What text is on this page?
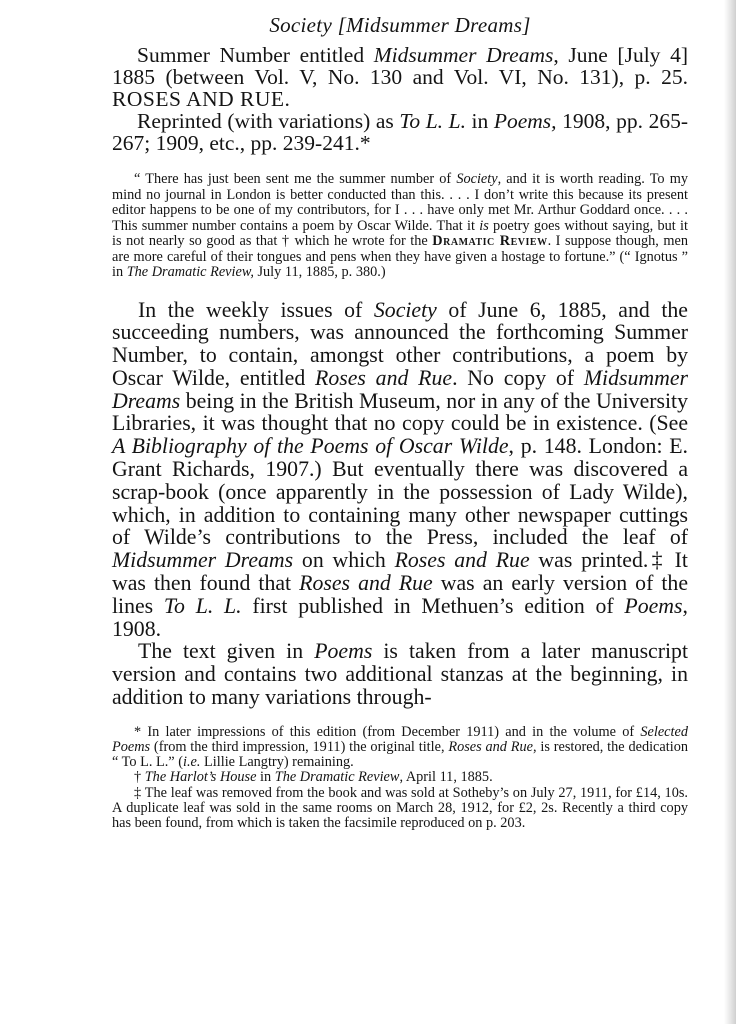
Society [Midsummer Dreams]

Summer Number entitled Midsummer Dreams, June [July 4] 1885 (between Vol. V, No. 130 and Vol. VI, No. 131), p. 25. ROSES AND RUE.

Reprinted (with variations) as To L. L. in Poems, 1908, pp. 265-267; 1909, etc., pp. 239-241.*

“ There has just been sent me the summer number of Society, and it is worth reading. To my mind no journal in London is better conducted than this. . . . I don’t write this because its present editor happens to be one of my contributors, for I . . . have only met Mr. Arthur Goddard once. . . . This summer number contains a poem by Oscar Wilde. That it is poetry goes without saying, but it is not nearly so good as that † which he wrote for the Dramatic Review. I suppose though, men are more careful of their tongues and pens when they have given a hostage to fortune.” (“ Ignotus ” in The Dramatic Review, July 11, 1885, p. 380.)

In the weekly issues of Society of June 6, 1885, and the succeeding numbers, was announced the forthcoming Summer Number, to contain, amongst other contributions, a poem by Oscar Wilde, entitled Roses and Rue. No copy of Midsummer Dreams being in the British Museum, nor in any of the University Libraries, it was thought that no copy could be in existence. (See A Bibliography of the Poems of Oscar Wilde, p. 148. London: E. Grant Richards, 1907.) But eventually there was discovered a scrap-book (once apparently in the possession of Lady Wilde), which, in addition to containing many other newspaper cuttings of Wilde’s contributions to the Press, included the leaf of Midsummer Dreams on which Roses and Rue was printed.‡ It was then found that Roses and Rue was an early version of the lines To L. L. first published in Methuen’s edition of Poems, 1908.

The text given in Poems is taken from a later manuscript version and contains two additional stanzas at the beginning, in addition to many variations through-

* In later impressions of this edition (from December 1911) and in the volume of Selected Poems (from the third impression, 1911) the original title, Roses and Rue, is restored, the dedication “ To L. L.” (i.e. Lillie Langtry) remaining.

† The Harlot’s House in The Dramatic Review, April 11, 1885.

‡ The leaf was removed from the book and was sold at Sotheby’s on July 27, 1911, for £14, 10s. A duplicate leaf was sold in the same rooms on March 28, 1912, for £2, 2s. Recently a third copy has been found, from which is taken the facsimile reproduced on p. 203.
